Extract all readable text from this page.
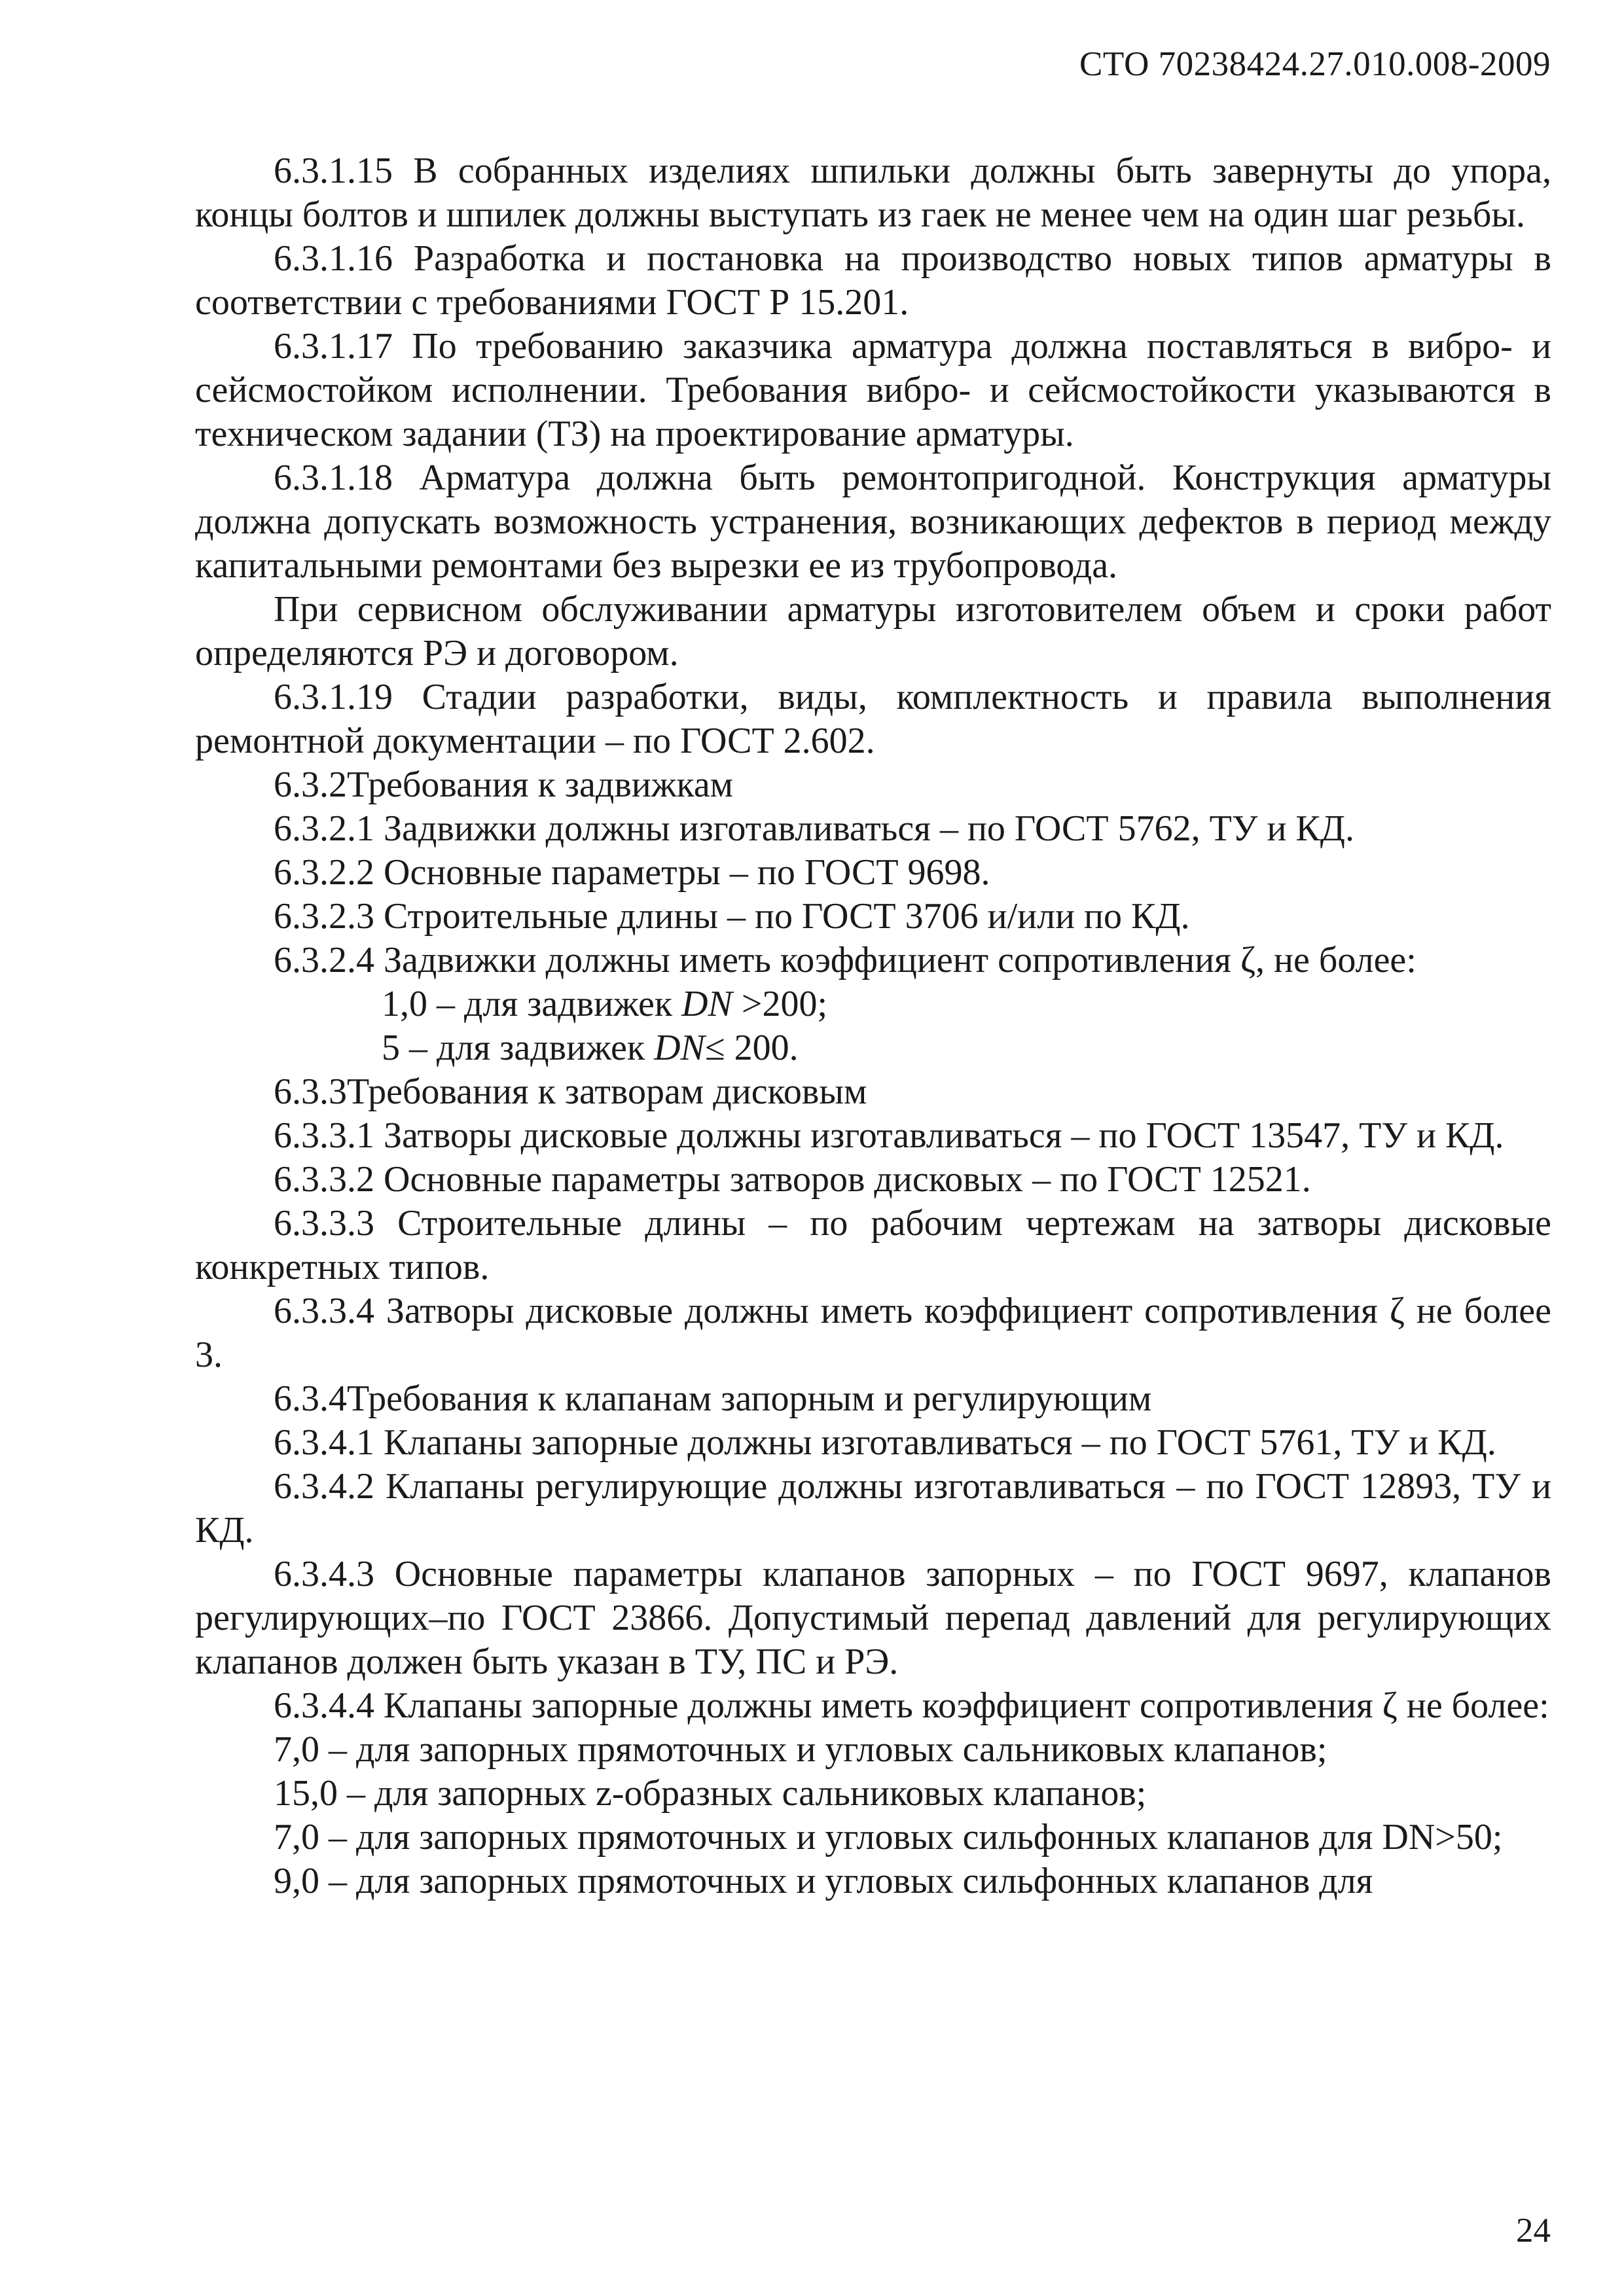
СТО 70238424.27.010.008-2009

6.3.1.15 В собранных изделиях шпильки должны быть завернуты до упора, концы болтов и шпилек должны выступать из гаек не менее чем на один шаг резьбы.

6.3.1.16 Разработка и постановка на производство новых типов арматуры в соответствии с требованиями ГОСТ Р 15.201.

6.3.1.17 По требованию заказчика арматура должна поставляться в вибро- и сейсмостойком исполнении. Требования вибро- и сейсмостойкости указываются в техническом задании (ТЗ) на проектирование арматуры.

6.3.1.18 Арматура должна быть ремонтопригодной. Конструкция арматуры должна допускать возможность устранения, возникающих дефектов в период между капитальными ремонтами без вырезки ее из трубопровода.

При сервисном обслуживании арматуры изготовителем объем и сроки работ определяются РЭ и договором.

6.3.1.19 Стадии разработки, виды, комплектность и правила выполнения ремонтной документации – по ГОСТ 2.602.

6.3.2Требования к задвижкам

6.3.2.1 Задвижки должны изготавливаться – по ГОСТ 5762, ТУ и КД.

6.3.2.2 Основные параметры – по ГОСТ 9698.

6.3.2.3 Строительные длины – по ГОСТ 3706 и/или по КД.

6.3.2.4 Задвижки должны иметь коэффициент сопротивления ζ, не более:

1,0 – для задвижек DN >200;

5 – для задвижек DN≤ 200.

6.3.3Требования к затворам дисковым

6.3.3.1 Затворы дисковые должны изготавливаться – по ГОСТ 13547, ТУ и КД.

6.3.3.2 Основные параметры затворов дисковых – по ГОСТ 12521.

6.3.3.3 Строительные длины – по рабочим чертежам на затворы дисковые конкретных типов.

6.3.3.4 Затворы дисковые должны иметь коэффициент сопротивления ζ не более 3.

6.3.4Требования к клапанам запорным и регулирующим

6.3.4.1 Клапаны запорные должны изготавливаться – по ГОСТ 5761, ТУ и КД.

6.3.4.2 Клапаны регулирующие должны изготавливаться – по ГОСТ 12893, ТУ и КД.

6.3.4.3 Основные параметры клапанов запорных – по ГОСТ 9697, клапанов регулирующих–по ГОСТ 23866. Допустимый перепад давлений для регулирующих клапанов должен быть указан в ТУ, ПС и РЭ.

6.3.4.4 Клапаны запорные должны иметь коэффициент сопротивления ζ не более:

7,0 – для запорных прямоточных и угловых сальниковых клапанов;

15,0 – для запорных z-образных сальниковых клапанов;

7,0 – для запорных прямоточных и угловых сильфонных клапанов для DN>50;

9,0 – для запорных прямоточных и угловых сильфонных клапанов для

24
